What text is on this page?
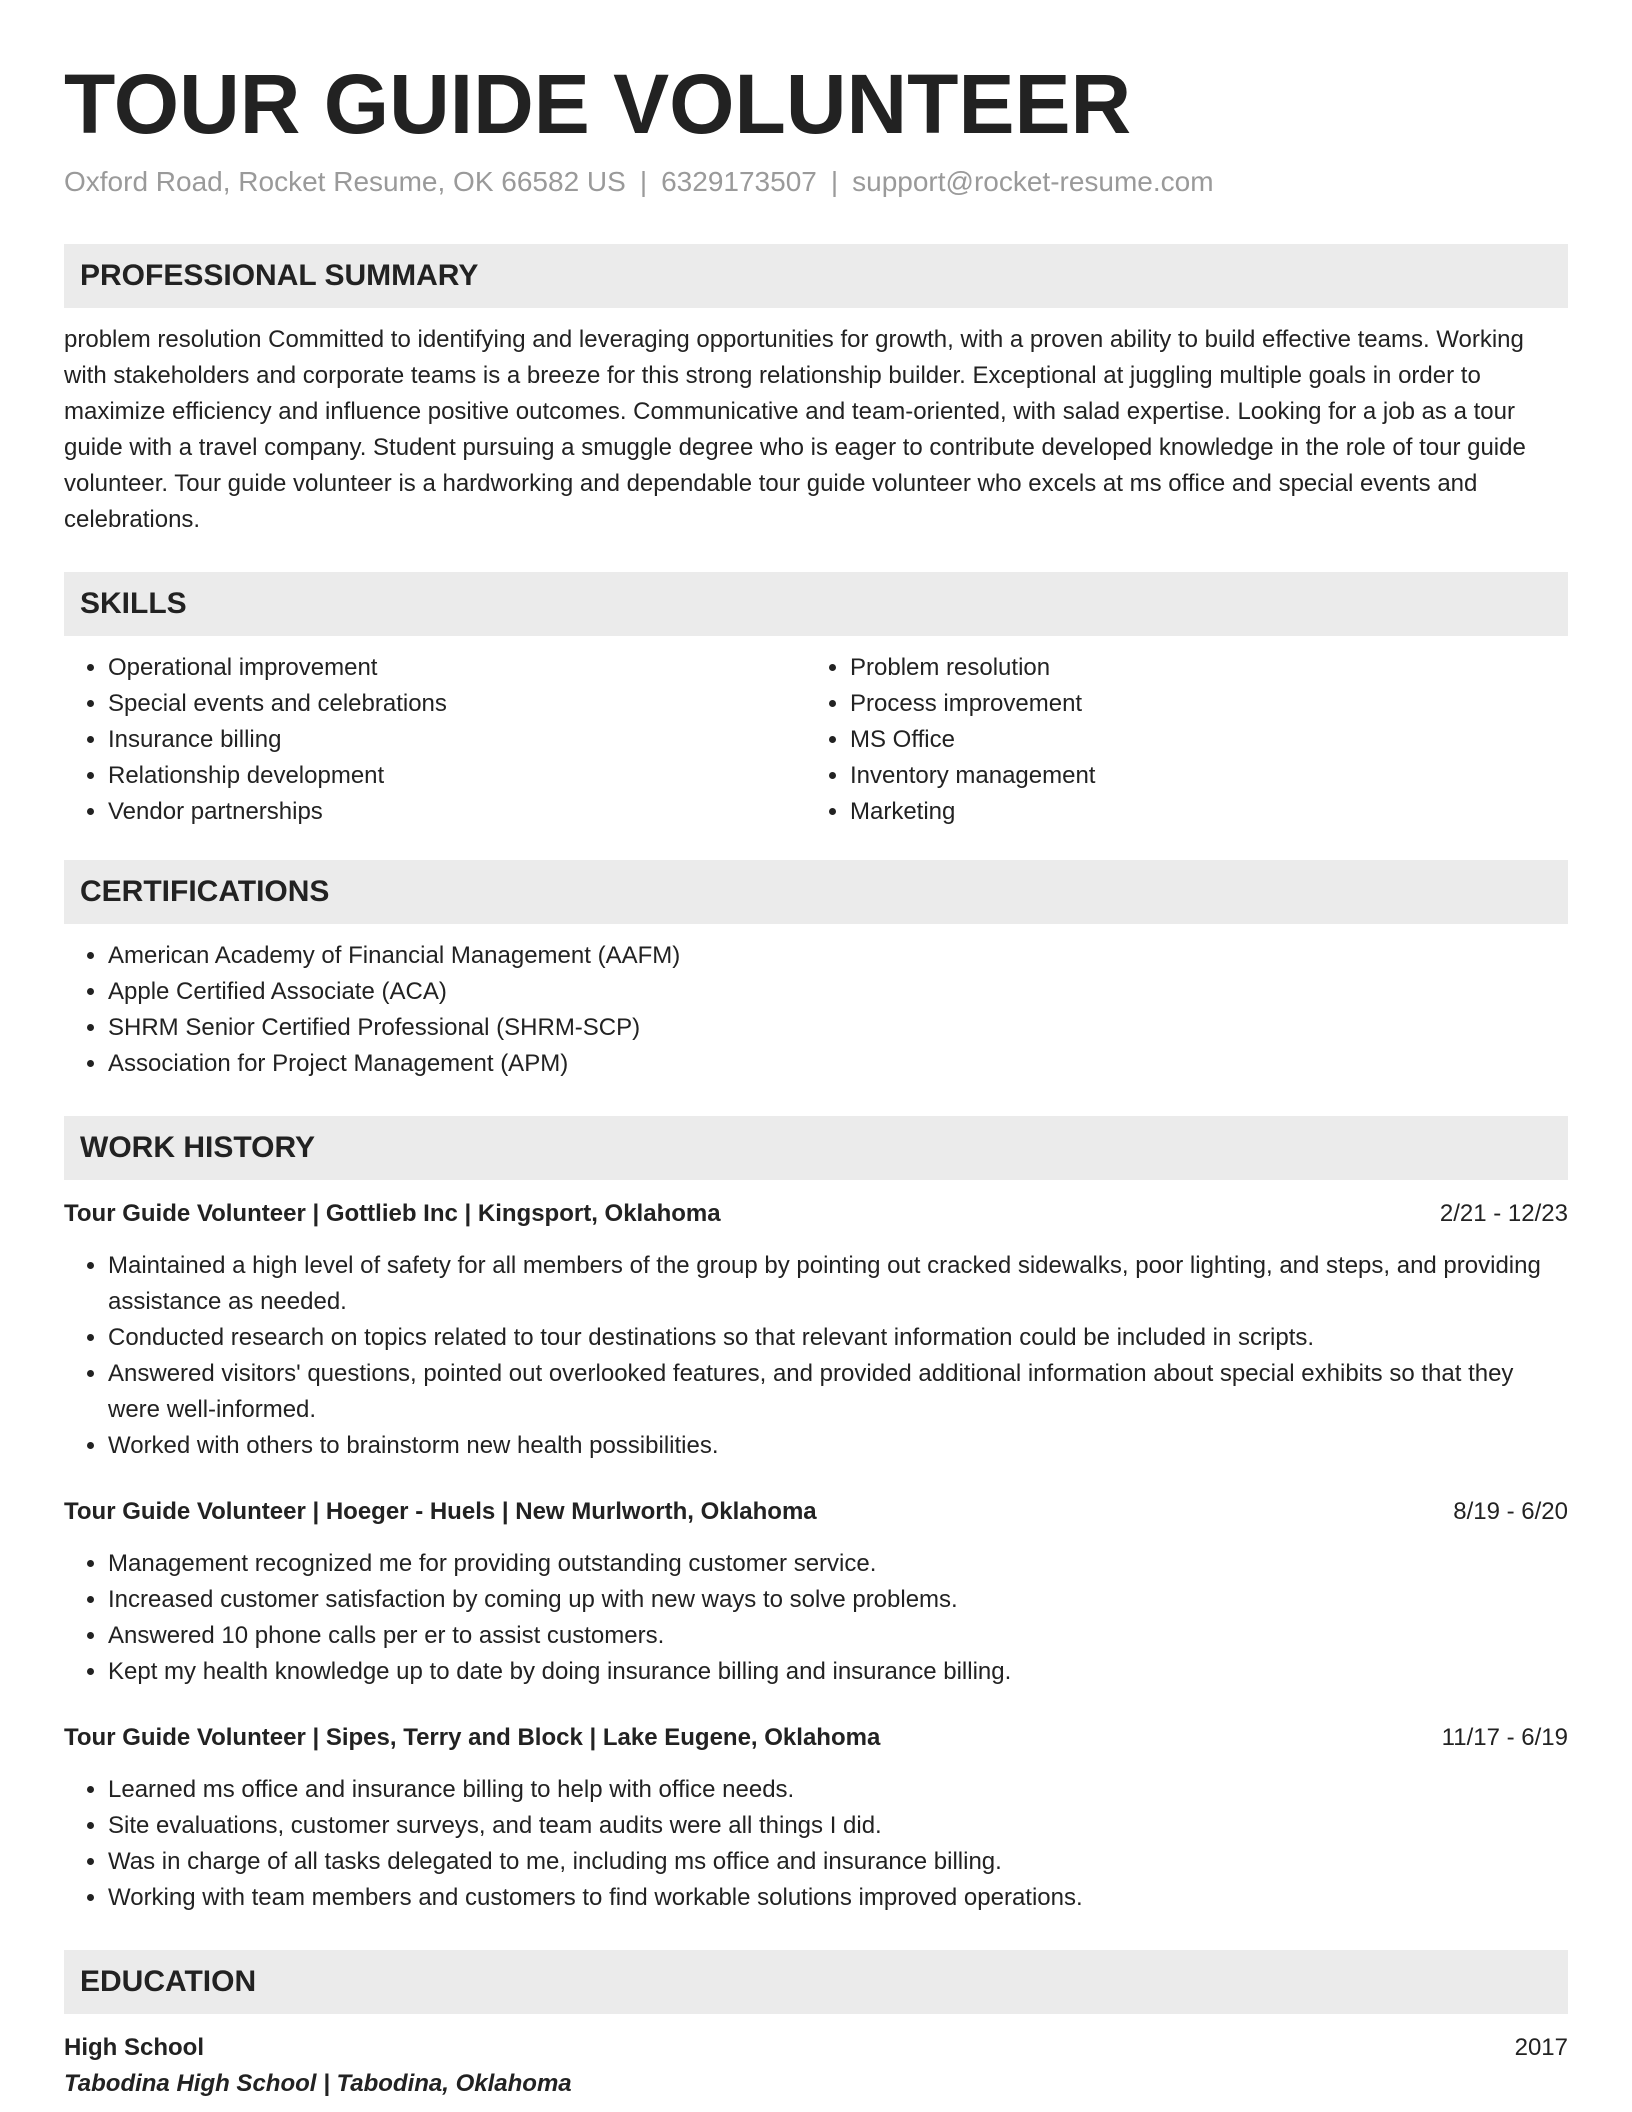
TOUR GUIDE VOLUNTEER
Oxford Road, Rocket Resume, OK 66582 US | 6329173507 | support@rocket-resume.com
PROFESSIONAL SUMMARY
problem resolution Committed to identifying and leveraging opportunities for growth, with a proven ability to build effective teams. Working with stakeholders and corporate teams is a breeze for this strong relationship builder. Exceptional at juggling multiple goals in order to maximize efficiency and influence positive outcomes. Communicative and team-oriented, with salad expertise. Looking for a job as a tour guide with a travel company. Student pursuing a smuggle degree who is eager to contribute developed knowledge in the role of tour guide volunteer. Tour guide volunteer is a hardworking and dependable tour guide volunteer who excels at ms office and special events and celebrations.
SKILLS
• Operational improvement
• Special events and celebrations
• Insurance billing
• Relationship development
• Vendor partnerships
• Problem resolution
• Process improvement
• MS Office
• Inventory management
• Marketing
CERTIFICATIONS
• American Academy of Financial Management (AAFM)
• Apple Certified Associate (ACA)
• SHRM Senior Certified Professional (SHRM-SCP)
• Association for Project Management (APM)
WORK HISTORY
Tour Guide Volunteer | Gottlieb Inc | Kingsport, Oklahoma	2/21 - 12/23
• Maintained a high level of safety for all members of the group by pointing out cracked sidewalks, poor lighting, and steps, and providing assistance as needed.
• Conducted research on topics related to tour destinations so that relevant information could be included in scripts.
• Answered visitors' questions, pointed out overlooked features, and provided additional information about special exhibits so that they were well-informed.
• Worked with others to brainstorm new health possibilities.
Tour Guide Volunteer | Hoeger - Huels | New Murlworth, Oklahoma	8/19 - 6/20
• Management recognized me for providing outstanding customer service.
• Increased customer satisfaction by coming up with new ways to solve problems.
• Answered 10 phone calls per er to assist customers.
• Kept my health knowledge up to date by doing insurance billing and insurance billing.
Tour Guide Volunteer | Sipes, Terry and Block | Lake Eugene, Oklahoma	11/17 - 6/19
• Learned ms office and insurance billing to help with office needs.
• Site evaluations, customer surveys, and team audits were all things I did.
• Was in charge of all tasks delegated to me, including ms office and insurance billing.
• Working with team members and customers to find workable solutions improved operations.
EDUCATION
High School	2017
Tabodina High School | Tabodina, Oklahoma
